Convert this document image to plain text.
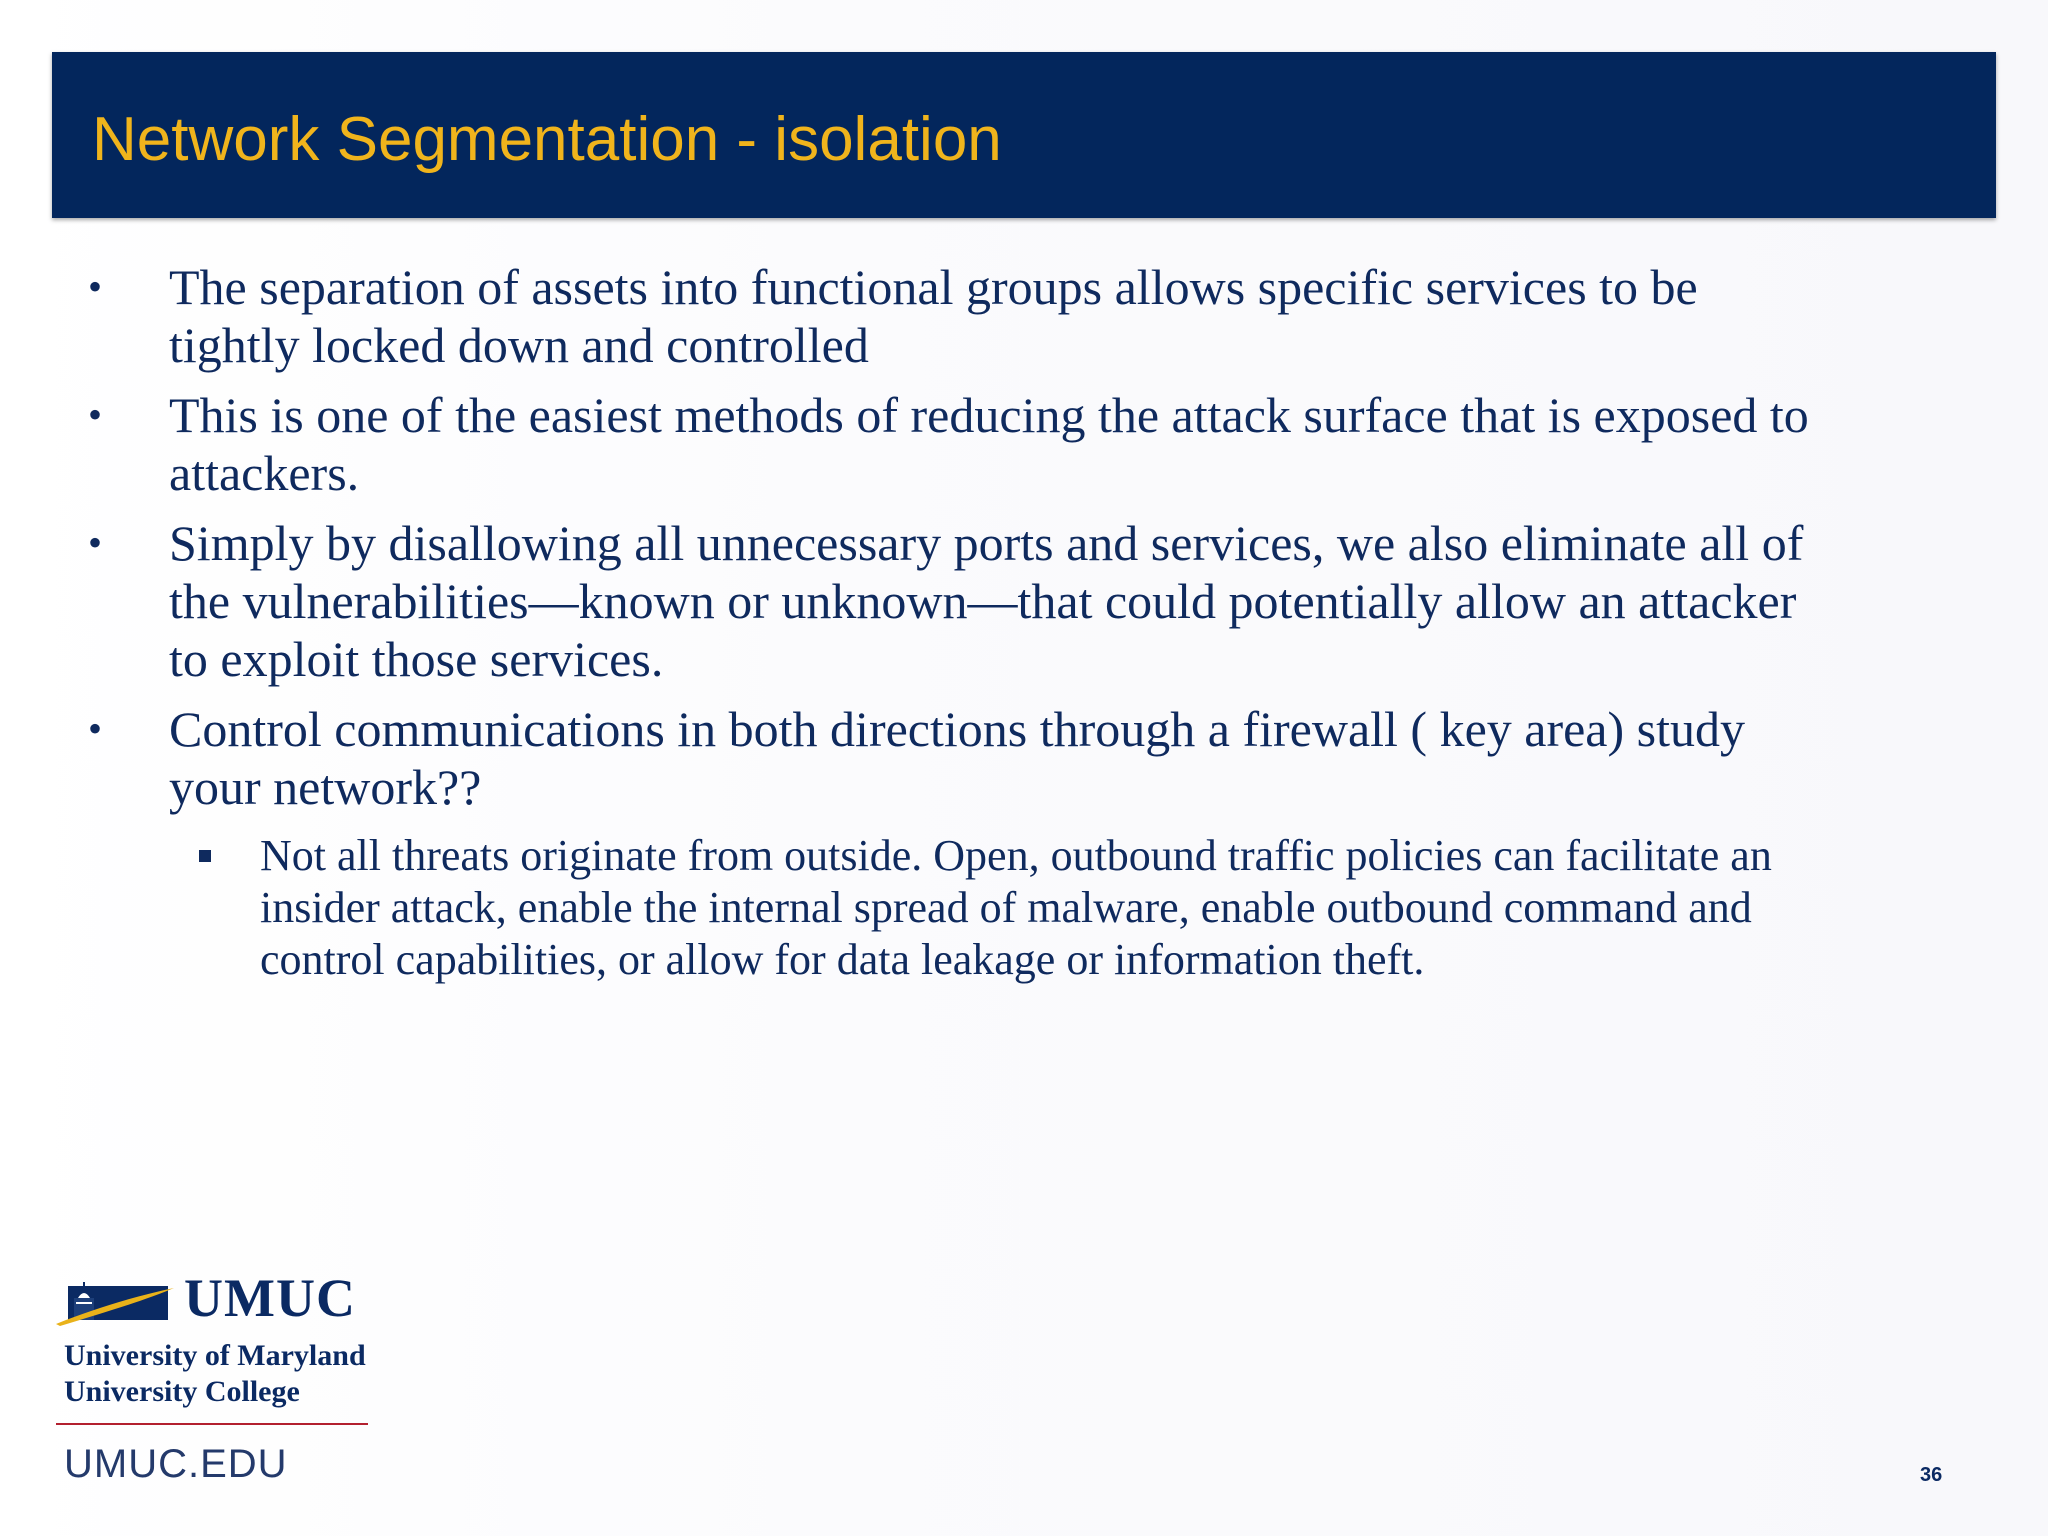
Network Segmentation - isolation
•	The separation of assets into functional groups allows specific services to be tightly locked down and controlled
•	This is one of the easiest methods of reducing the attack surface that is exposed to attackers.
•	Simply by disallowing all unnecessary ports and services, we also eliminate all of the vulnerabilities—known or unknown—that could potentially allow an attacker to exploit those services.
•	Control communications in both directions through a firewall ( key area) study your network??
Not all threats originate from outside. Open, outbound traffic policies can facilitate an insider attack, enable the internal spread of malware, enable outbound command and control capabilities, or allow for data leakage or information theft.
UMUC
University of Maryland
University College
UMUC.EDU	36
